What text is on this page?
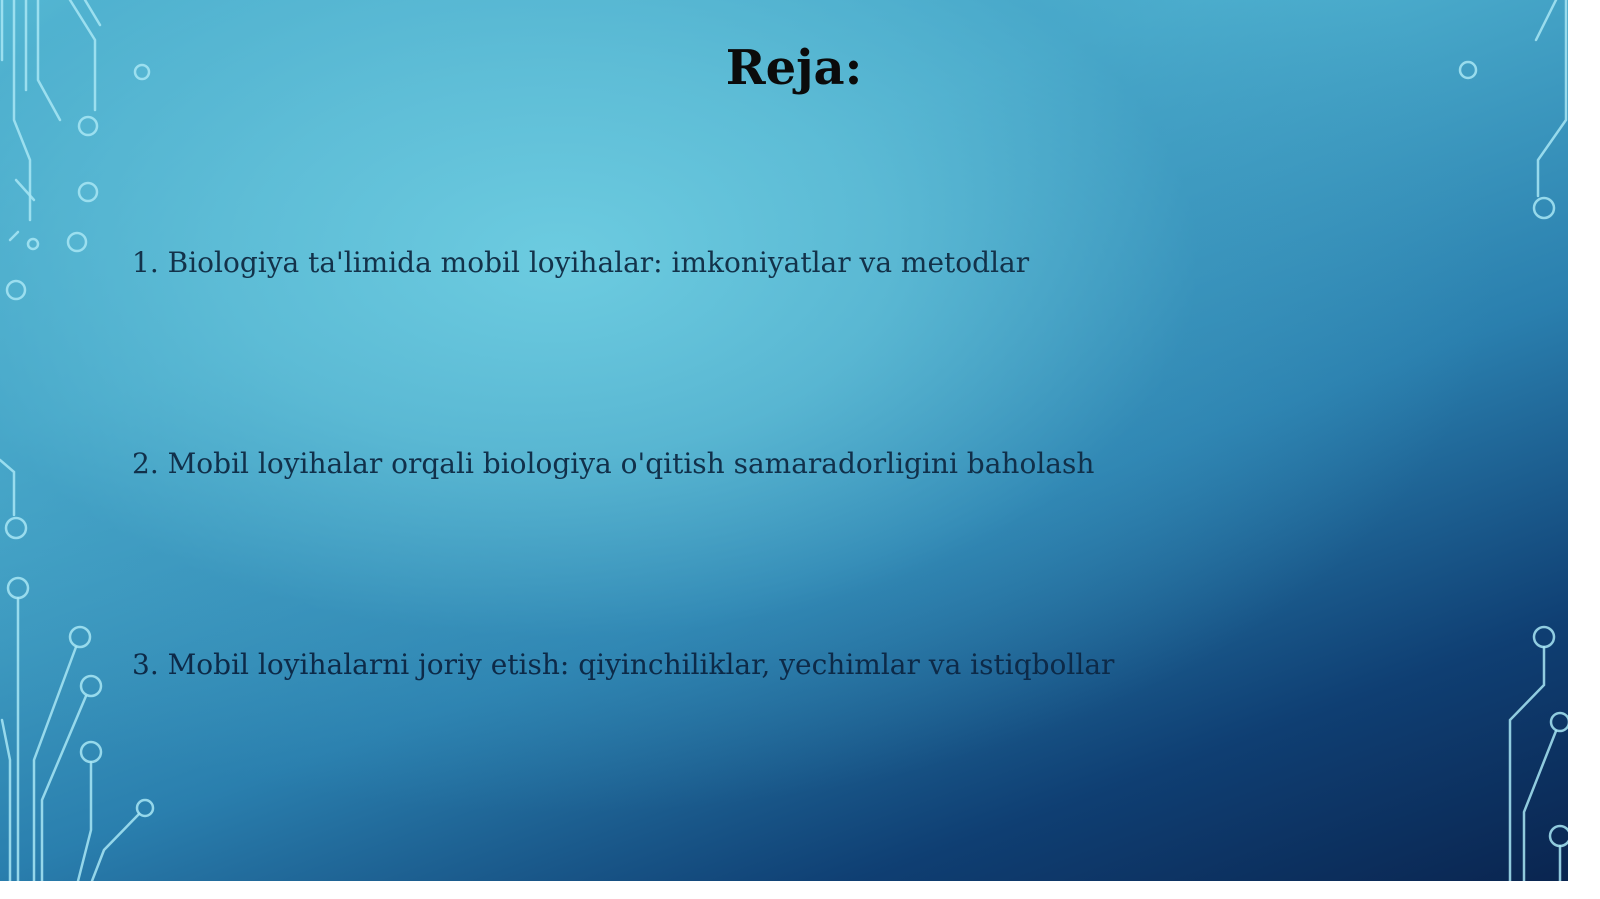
Reja:
1. Biologiya ta'limida mobil loyihalar: imkoniyatlar va metodlar
2. Mobil loyihalar orqali biologiya o'qitish samaradorligini baholash
3. Mobil loyihalarni joriy etish: qiyinchiliklar, yechimlar va istiqbollar
